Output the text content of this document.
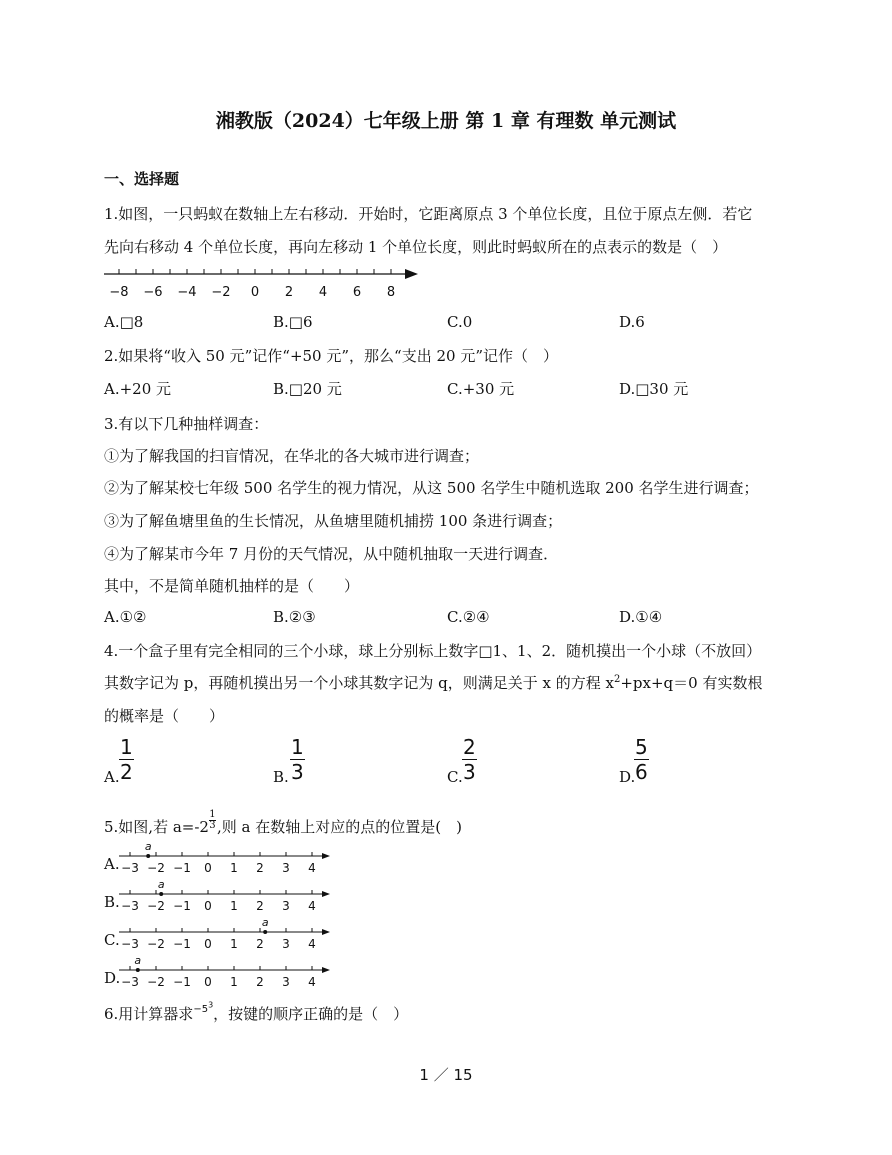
湘教版（2024）七年级上册 第 1 章 有理数 单元测试
一、选择题
1.如图，一只蚂蚁在数轴上左右移动．开始时，它距离原点 3 个单位长度，且位于原点左侧．若它
先向右移动 4 个单位长度，再向左移动 1 个单位长度，则此时蚂蚁所在的点表示的数是（　）
−8 −6 −4 −2 0 2 4 6 8
A.□8	B.□6	C.0	D.6
2.如果将“收入 50 元”记作“+50 元”，那么“支出 20 元”记作（　）
A.+20 元	B.□20 元	C.+30 元	D.□30 元
3.有以下几种抽样调查：
①为了解我国的扫盲情况，在华北的各大城市进行调查；
②为了解某校七年级 500 名学生的视力情况，从这 500 名学生中随机选取 200 名学生进行调查；
③为了解鱼塘里鱼的生长情况，从鱼塘里随机捕捞 100 条进行调查；
④为了解某市今年 7 月份的天气情况，从中随机抽取一天进行调查．
其中，不是简单随机抽样的是（　　）
A.①②	B.②③	C.②④	D.①④
4.一个盒子里有完全相同的三个小球，球上分别标上数字□1、1、2．随机摸出一个小球（不放回）
其数字记为 p，再随机摸出另一个小球其数字记为 q，则满足关于 x 的方程 $x^2+px+q=0$ 有实数根
的概率是（　　）
A. $\frac{1}{2}$	B. $\frac{1}{3}$	C. $\frac{2}{3}$	D.
$\frac{5}{6}$
5.如图,若 a=-2
1
3 ,则 a 在数轴上对应的点的位置是(　)
A.
B.
C.
D.
−3 −2 −1 0 1 2 3 4
a
−3 −2 −1 0 1 2 3 4
a
−3 −2 −1 0 1 2 3 4
a
−3 −2 −1 0 1 2 3 4
a
6.用计算器求$^{-5^3}$，按键的顺序正确的是（　）
1 ／ 15
